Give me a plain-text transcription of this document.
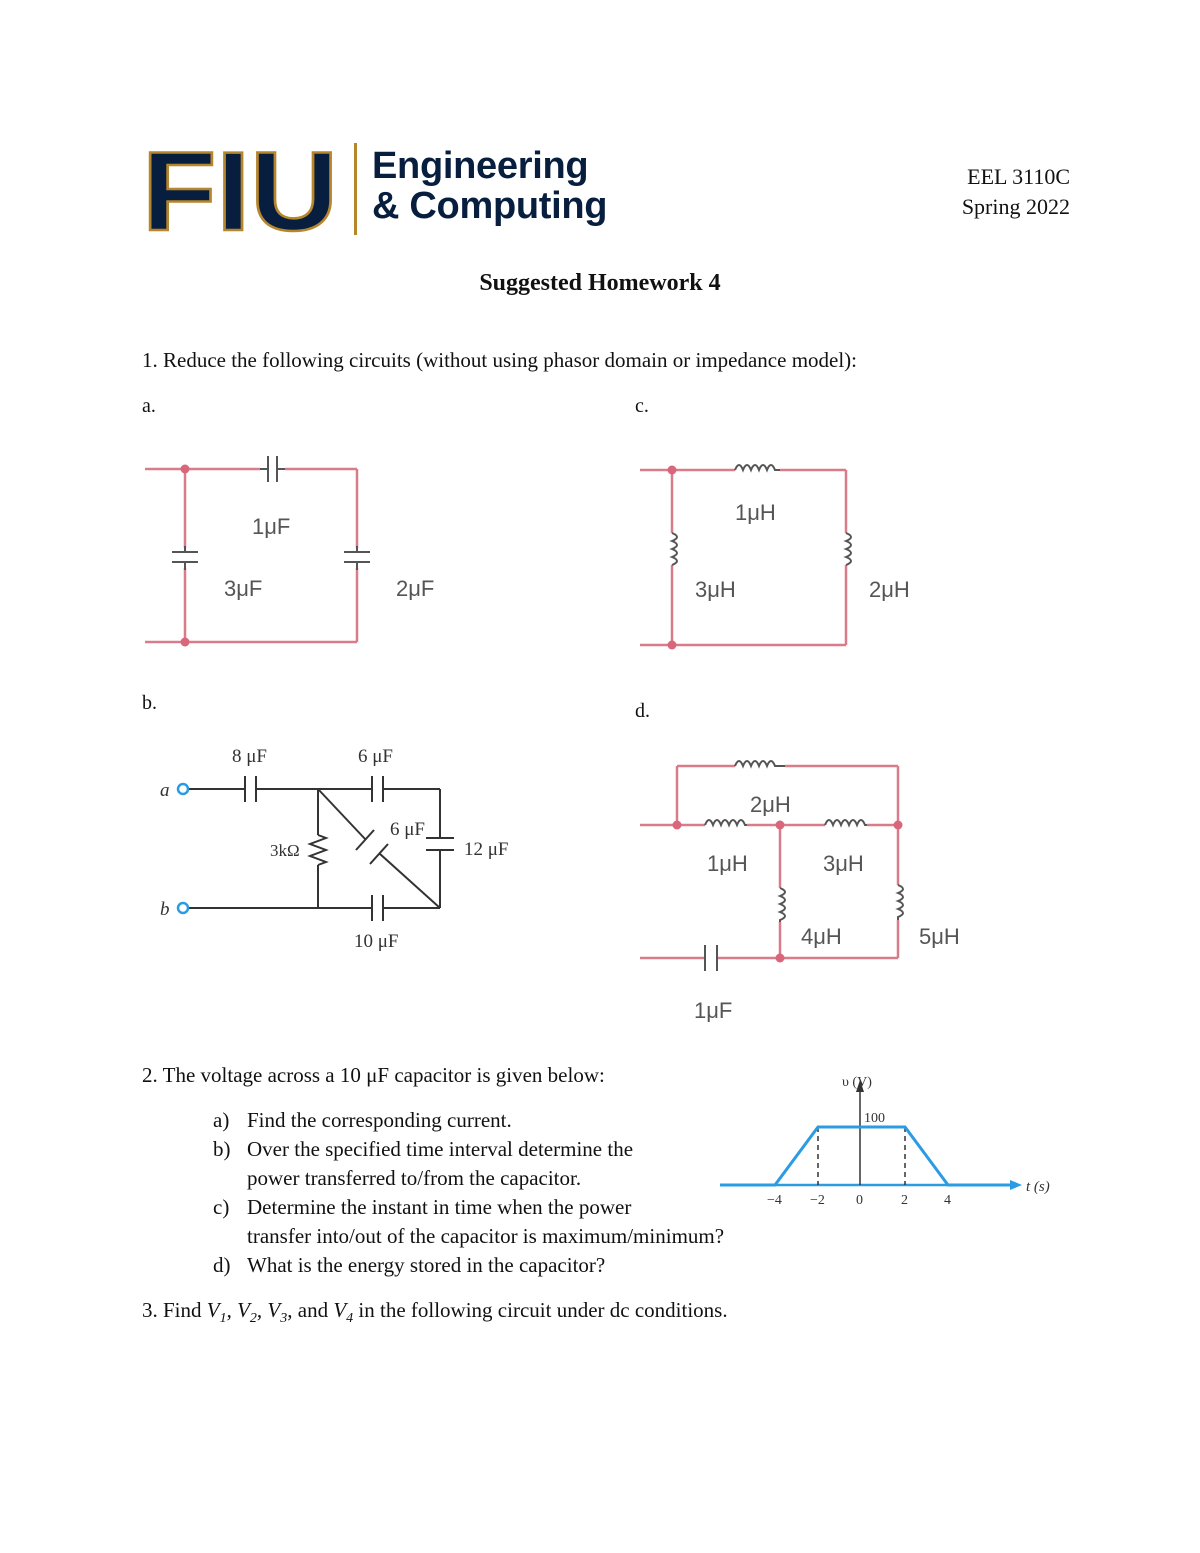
FIU Engineering
& Computing
EEL 3110C
Spring 2022
Suggested Homework 4
1. Reduce the following circuits (without using phasor domain or impedance model):
a.	c.
b.	d.
1μF
3μF	2μF
1μH
3μH	2μH
a
b
8 μF	6 μF
6 μF
12 μF
10 μF
3kΩ
2μH
1μH	3μH
4μH	5μH
1μF
2. The voltage across a 10 μF capacitor is given below:
a) Find the corresponding current.
b) Over the specified time interval determine the
power transferred to/from the capacitor.
c) Determine the instant in time when the power
transfer into/out of the capacitor is maximum/minimum?
d) What is the energy stored in the capacitor?
υ (V)
100
t (s)
−4 −2 0	2	4
3. Find $V_1$, $V_2$, $V_3$, and $V_4$ in the following circuit under dc conditions.
